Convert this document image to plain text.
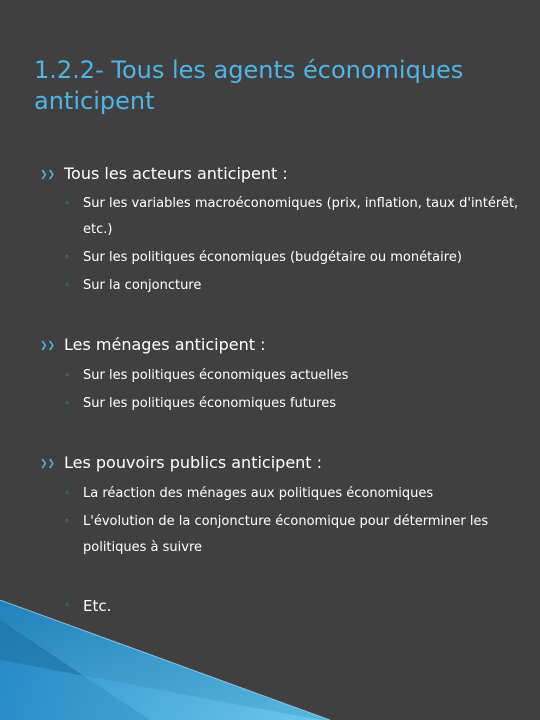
1.2.2- Tous les agents économiques anticipent
❯❯ Tous les acteurs anticipent :
◦ Sur les variables macroéconomiques (prix, inflation, taux d'intérêt, etc.)
◦ Sur les politiques économiques (budgétaire ou monétaire)
◦ Sur la conjoncture
❯❯ Les ménages anticipent :
◦ Sur les politiques économiques actuelles
◦ Sur les politiques économiques futures
❯❯ Les pouvoirs publics anticipent :
◦ La réaction des ménages aux politiques économiques
◦ L'évolution de la conjoncture économique pour déterminer les politiques à suivre
◦ Etc.
